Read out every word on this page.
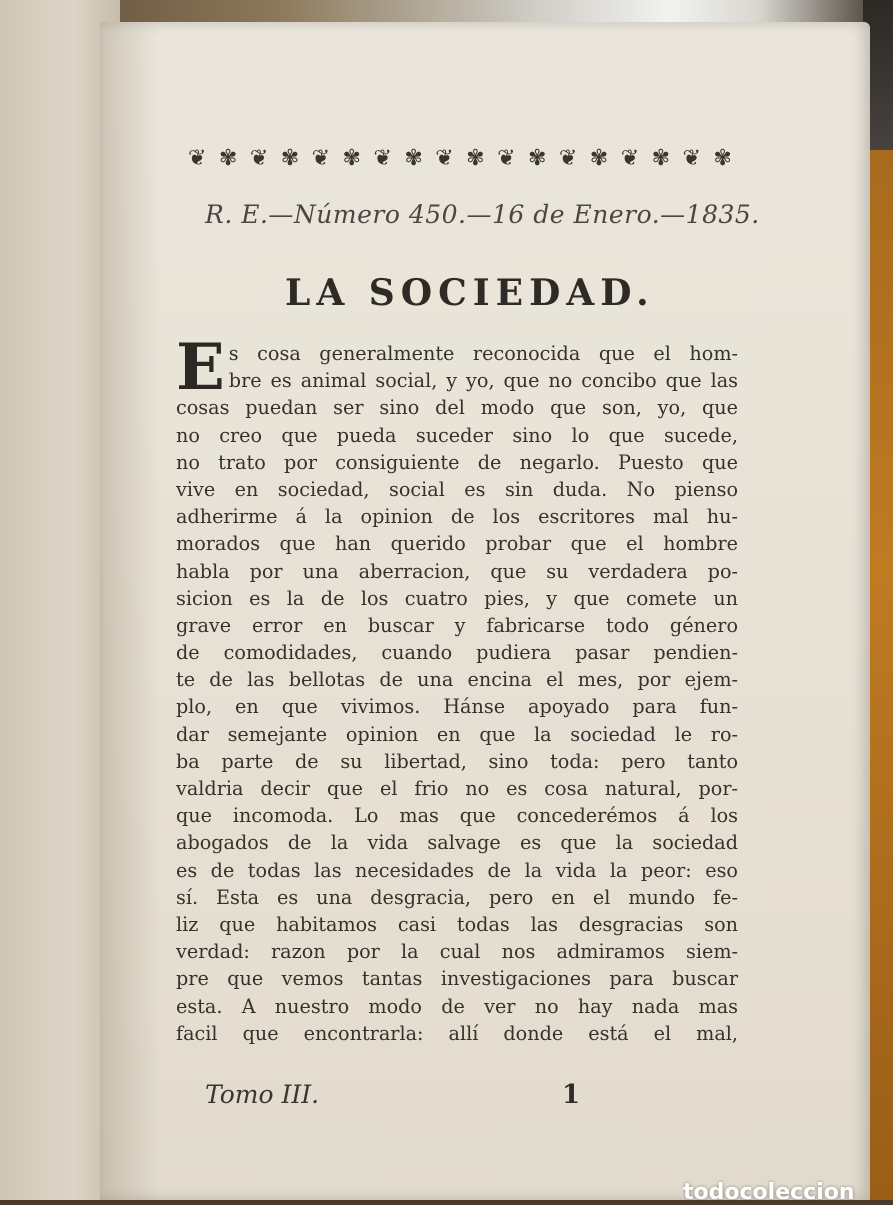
❦ ✾ ❦ ✾ ❦ ✾ ❦ ✾ ❦ ✾ ❦ ✾ ❦ ✾ ❦ ✾ ❦ ✾
R. E.—Número 450.—16 de Enero.—1835.
LA SOCIEDAD.
E s cosa generalmente reconocida que el hom-
bre es animal social, y yo, que no concibo que las
cosas puedan ser sino del modo que son, yo, que
no creo que pueda suceder sino lo que sucede,
no trato por consiguiente de negarlo. Puesto que
vive en sociedad, social es sin duda. No pienso
adherirme á la opinion de los escritores mal hu-
morados que han querido probar que el hombre
habla por una aberracion, que su verdadera po-
sicion es la de los cuatro pies, y que comete un
grave error en buscar y fabricarse todo género
de comodidades, cuando pudiera pasar pendien-
te de las bellotas de una encina el mes, por ejem-
plo, en que vivimos. Hánse apoyado para fun-
dar semejante opinion en que la sociedad le ro-
ba parte de su libertad, sino toda: pero tanto
valdria decir que el frio no es cosa natural, por-
que incomoda. Lo mas que concederémos á los
abogados de la vida salvage es que la sociedad
es de todas las necesidades de la vida la peor: eso
sí. Esta es una desgracia, pero en el mundo fe-
liz que habitamos casi todas las desgracias son
verdad: razon por la cual nos admiramos siem-
pre que vemos tantas investigaciones para buscar
esta. A nuestro modo de ver no hay nada mas
facil que encontrarla: allí donde está el mal,
Tomo III.	1
todocoleccion
